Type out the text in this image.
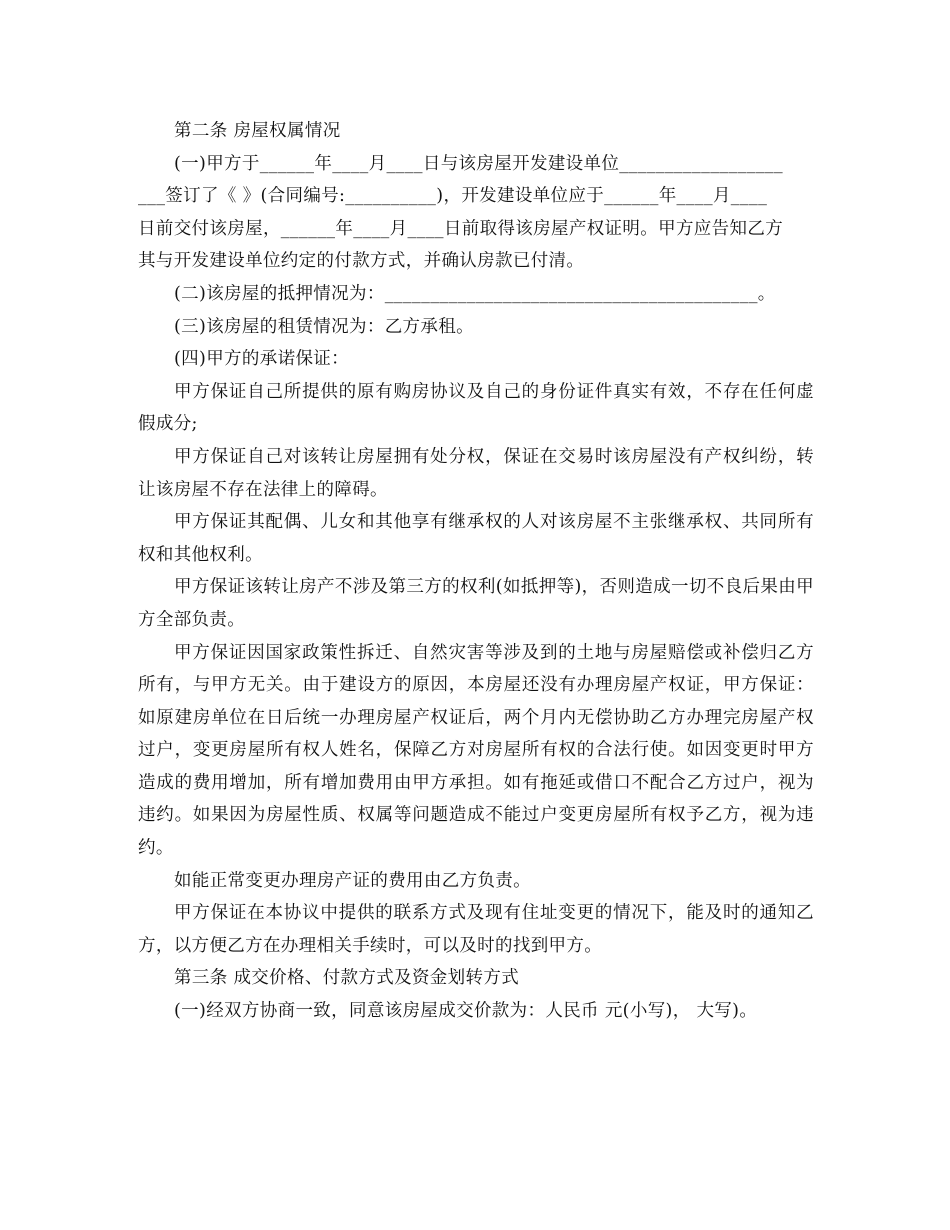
第二条 房屋权属情况

(一)甲方于______年____月____日与该房屋开发建设单位__________________
___签订了《 》(合同编号:__________)，开发建设单位应于______年____月____
日前交付该房屋，______年____月____日前取得该房屋产权证明。甲方应告知乙方
其与开发建设单位约定的付款方式，并确认房款已付清。

(二)该房屋的抵押情况为：_________________________________________。

(三)该房屋的租赁情况为：乙方承租。

(四)甲方的承诺保证：

甲方保证自己所提供的原有购房协议及自己的身份证件真实有效，不存在任何虚假成分;

甲方保证自己对该转让房屋拥有处分权，保证在交易时该房屋没有产权纠纷，转让该房屋不存在法律上的障碍。

甲方保证其配偶、儿女和其他享有继承权的人对该房屋不主张继承权、共同所有权和其他权利。

甲方保证该转让房产不涉及第三方的权利(如抵押等)，否则造成一切不良后果由甲方全部负责。

甲方保证因国家政策性拆迁、自然灾害等涉及到的土地与房屋赔偿或补偿归乙方所有，与甲方无关。由于建设方的原因，本房屋还没有办理房屋产权证，甲方保证：如原建房单位在日后统一办理房屋产权证后，两个月内无偿协助乙方办理完房屋产权过户，变更房屋所有权人姓名，保障乙方对房屋所有权的合法行使。如因变更时甲方造成的费用增加，所有增加费用由甲方承担。如有拖延或借口不配合乙方过户，视为违约。如果因为房屋性质、权属等问题造成不能过户变更房屋所有权予乙方，视为违约。

如能正常变更办理房产证的费用由乙方负责。

甲方保证在本协议中提供的联系方式及现有住址变更的情况下，能及时的通知乙方，以方便乙方在办理相关手续时，可以及时的找到甲方。

第三条 成交价格、付款方式及资金划转方式

(一)经双方协商一致，同意该房屋成交价款为：人民币 元(小写)， 大写)。
